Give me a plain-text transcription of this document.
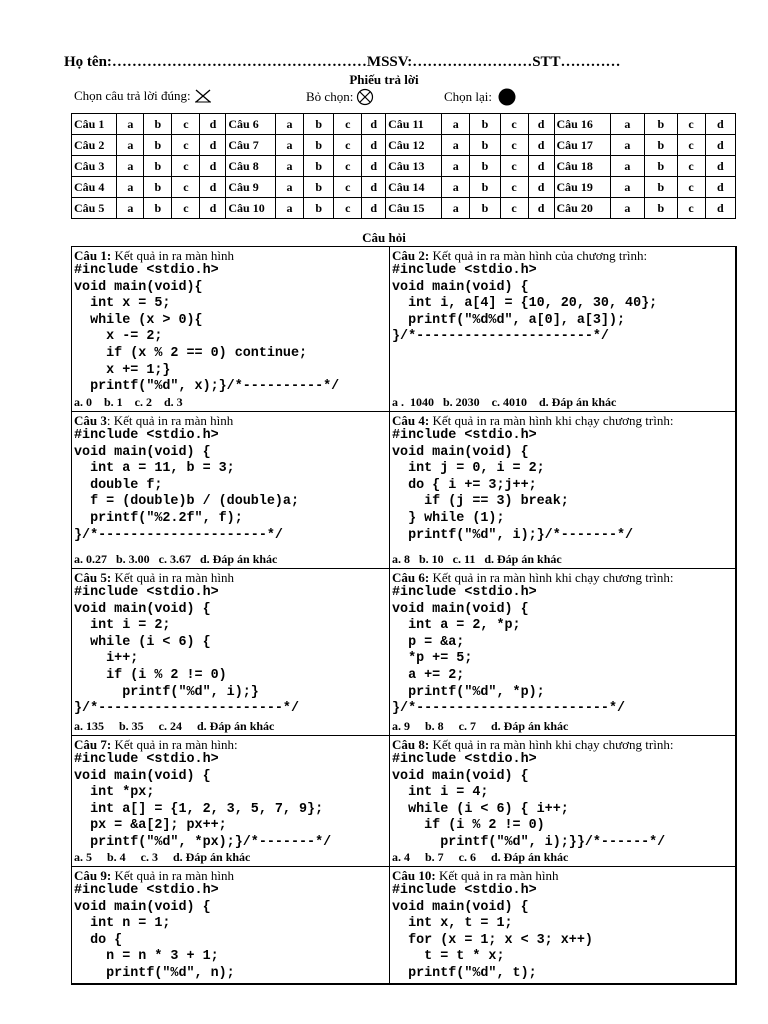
Họ tên:……………………………………………MSSV:……………………STT…………
Phiếu trả lời
Chọn câu trả lời đúng:	Bỏ chọn:	Chọn lại:
Câu 1	a	b	c	d	Câu 6	a	b	c	d	Câu 11	a	b	c	d	Câu 16	a	b	c	d
Câu 2	a	b	c	d	Câu 7	a	b	c	d	Câu 12	a	b	c	d	Câu 17	a	b	c	d
Câu 3	a	b	c	d	Câu 8	a	b	c	d	Câu 13	a	b	c	d	Câu 18	a	b	c	d
Câu 4	a	b	c	d	Câu 9	a	b	c	d	Câu 14	a	b	c	d	Câu 19	a	b	c	d
Câu 5	a	b	c	d	Câu 10	a	b	c	d	Câu 15	a	b	c	d	Câu 20	a	b	c	d
Câu hỏi
Câu 1: Kết quả in ra màn hình
#include <stdio.h>
void main(void){
int x = 5;
while (x > 0){
x -= 2;
if (x % 2 == 0) continue;
x += 1;}
printf("%d", x);}/*----------*/
a. 0    b. 1    c. 2    d. 3
Câu 2: Kết quả in ra màn hình của chương trình:
#include <stdio.h>
void main(void) {
int i, a[4] = {10, 20, 30, 40};
printf("%d%d", a[0], a[3]);
}/*----------------------*/
a .  1040   b. 2030    c. 4010    d. Đáp án khác
Câu 3: Kết quả in ra màn hình
#include <stdio.h>
void main(void) {
int a = 11, b = 3;
double f;
f = (double)b / (double)a;
printf("%2.2f", f);
}/*---------------------*/
a. 0.27   b. 3.00   c. 3.67   d. Đáp án khác
Câu 4: Kết quả in ra màn hình khi chạy chương trình:
#include <stdio.h>
void main(void) {
int j = 0, i = 2;
do { i += 3;j++;
if (j == 3) break;
} while (1);
printf("%d", i);}/*-------*/
a. 8   b. 10   c. 11   d. Đáp án khác
Câu 5: Kết quả in ra màn hình
#include <stdio.h>
void main(void) {
int i = 2;
while (i < 6) {
i++;
if (i % 2 != 0)
printf("%d", i);}
}/*-----------------------*/
a. 135     b. 35     c. 24     d. Đáp án khác
Câu 6: Kết quả in ra màn hình khi chạy chương trình:
#include <stdio.h>
void main(void) {
int a = 2, *p;
p = &a;
*p += 5;
a += 2;
printf("%d", *p);
}/*------------------------*/
a. 9     b. 8     c. 7     d. Đáp án khác
Câu 7: Kết quả in ra màn hình:
#include <stdio.h>
void main(void) {
int *px;
int a[] = {1, 2, 3, 5, 7, 9};
px = &a[2]; px++;
printf("%d", *px);}/*-------*/
a. 5     b. 4     c. 3     d. Đáp án khác
Câu 8: Kết quả in ra màn hình khi chạy chương trình:
#include <stdio.h>
void main(void) {
int i = 4;
while (i < 6) { i++;
if (i % 2 != 0)
printf("%d", i);}}/*------*/
a. 4     b. 7     c. 6     d. Đáp án khác
Câu 9: Kết quả in ra màn hình
#include <stdio.h>
void main(void) {
int n = 1;
do {
n = n * 3 + 1;
printf("%d", n);
Câu 10: Kết quả in ra màn hình
#include <stdio.h>
void main(void) {
int x, t = 1;
for (x = 1; x < 3; x++)
t = t * x;
printf("%d", t);
